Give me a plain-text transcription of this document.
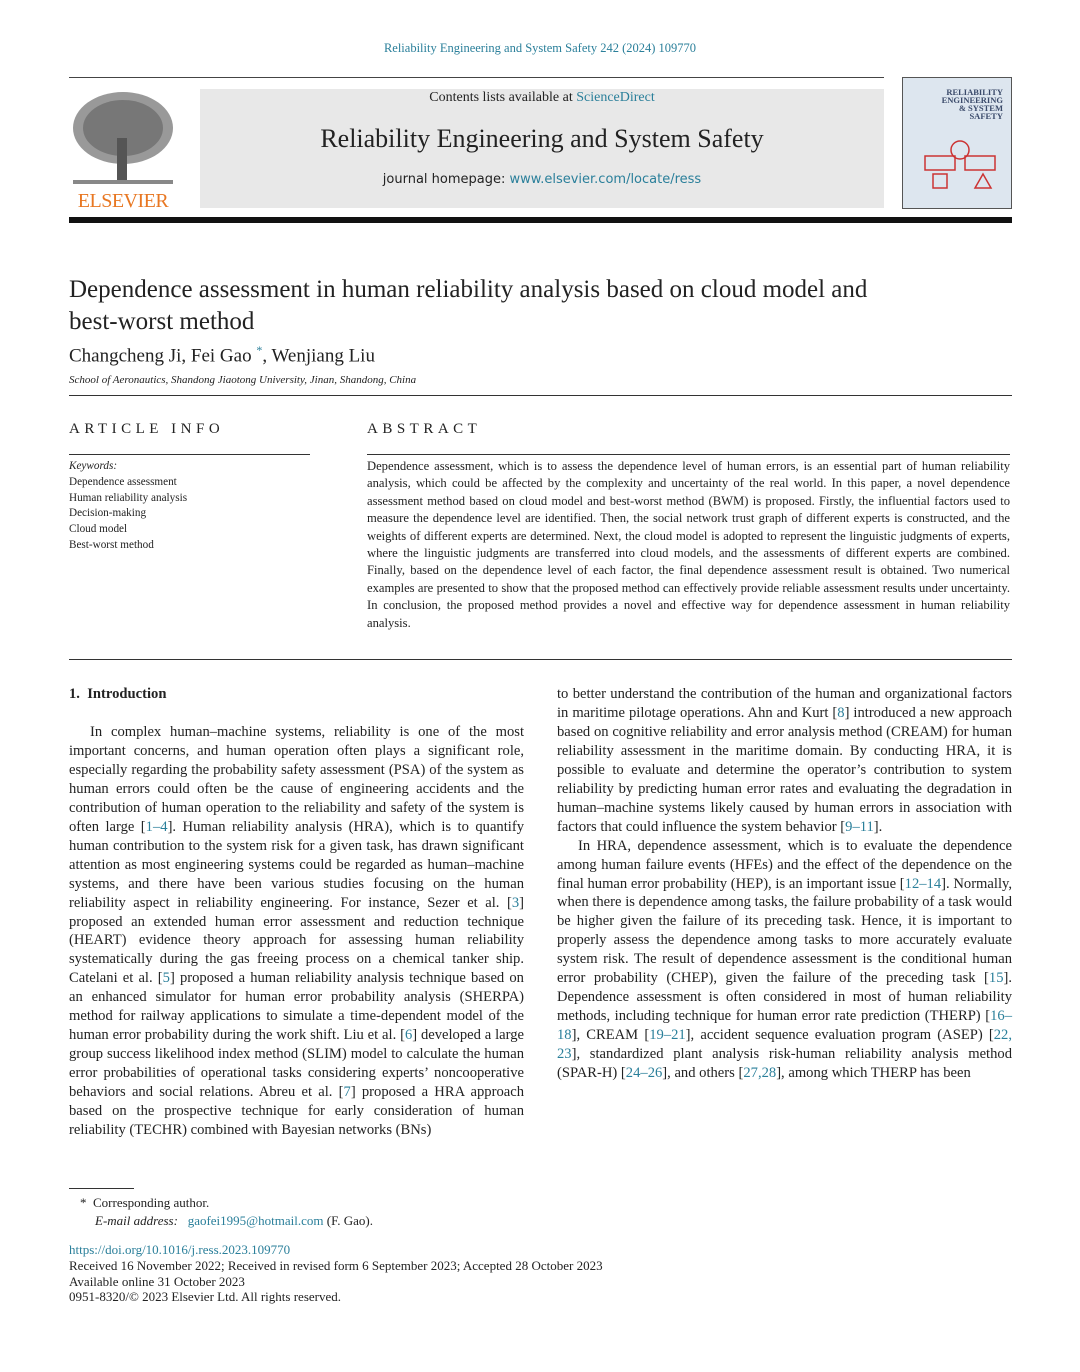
Reliability Engineering and System Safety 242 (2024) 109770
ELSEVIER
Contents lists available at ScienceDirect
Reliability Engineering and System Safety
journal homepage: www.elsevier.com/locate/ress
RELIABILITY
ENGINEERING
& SYSTEM
SAFETY
Dependence assessment in human reliability analysis based on cloud model and best-worst method
Changcheng Ji, Fei Gao *, Wenjiang Liu
School of Aeronautics, Shandong Jiaotong University, Jinan, Shandong, China
ARTICLE INFO
Keywords:
Dependence assessment
Human reliability analysis
Decision-making
Cloud model
Best-worst method
ABSTRACT
Dependence assessment, which is to assess the dependence level of human errors, is an essential part of human reliability analysis, which could be affected by the complexity and uncertainty of the real world. In this paper, a novel dependence assessment method based on cloud model and best-worst method (BWM) is proposed. Firstly, the influential factors used to measure the dependence level are identified. Then, the social network trust graph of different experts is constructed, and the weights of different experts are determined. Next, the cloud model is adopted to represent the linguistic judgments of experts, where the linguistic judgments are transferred into cloud models, and the assessments of different experts are combined. Finally, based on the dependence level of each factor, the final dependence assessment result is obtained. Two numerical examples are presented to show that the proposed method can effectively provide reliable assessment results under uncertainty. In conclusion, the proposed method provides a novel and effective way for dependence assessment in human reliability analysis.
1.  Introduction

In complex human–machine systems, reliability is one of the most important concerns, and human operation often plays a significant role, especially regarding the probability safety assessment (PSA) of the system as human errors could often be the cause of engineering accidents and the contribution of human operation to the reliability and safety of the system is often large [1–4]. Human reliability analysis (HRA), which is to quantify human contribution to the system risk for a given task, has drawn significant attention as most engineering systems could be regarded as human–machine systems, and there have been various studies focusing on the human reliability aspect in reliability engineering. For instance, Sezer et al. [3] proposed an extended human error assessment and reduction technique (HEART) evidence theory approach for assessing human reliability systematically during the gas freeing process on a chemical tanker ship. Catelani et al. [5] proposed a human reliability analysis technique based on an enhanced simulator for human error probability analysis (SHERPA) method for railway applications to simulate a time-dependent model of the human error probability during the work shift. Liu et al. [6] developed a large group success likelihood index method (SLIM) model to calculate the human error probabilities of operational tasks considering experts’ noncooperative behaviors and social relations. Abreu et al. [7] proposed a HRA approach based on the prospective technique for early consideration of human reliability (TECHR) combined with Bayesian networks (BNs)

to better understand the contribution of the human and organizational factors in maritime pilotage operations. Ahn and Kurt [8] introduced a new approach based on cognitive reliability and error analysis method (CREAM) for human reliability assessment in the maritime domain. By conducting HRA, it is possible to evaluate and determine the operator’s contribution to system reliability by predicting human error rates and evaluating the degradation in human–machine systems likely caused by human errors in association with factors that could influence the system behavior [9–11].

In HRA, dependence assessment, which is to evaluate the dependence among human failure events (HFEs) and the effect of the dependence on the final human error probability (HEP), is an important issue [12–14]. Normally, when there is dependence among tasks, the failure probability of a task would be higher given the failure of its preceding task. Hence, it is important to properly assess the dependence among tasks to more accurately evaluate system risk. The result of dependence assessment is the conditional human error probability (CHEP), given the failure of the preceding task [15]. Dependence assessment is often considered in most of human reliability methods, including technique for human error rate prediction (THERP) [16–18], CREAM [19–21], accident sequence evaluation program (ASEP) [22, 23], standardized plant analysis risk-human reliability analysis method (SPAR-H) [24–26], and others [27,28], among which THERP has been

* Corresponding author.
E-mail address: gaofei1995@hotmail.com (F. Gao).
https://doi.org/10.1016/j.ress.2023.109770
Received 16 November 2022; Received in revised form 6 September 2023; Accepted 28 October 2023
Available online 31 October 2023
0951-8320/© 2023 Elsevier Ltd. All rights reserved.
